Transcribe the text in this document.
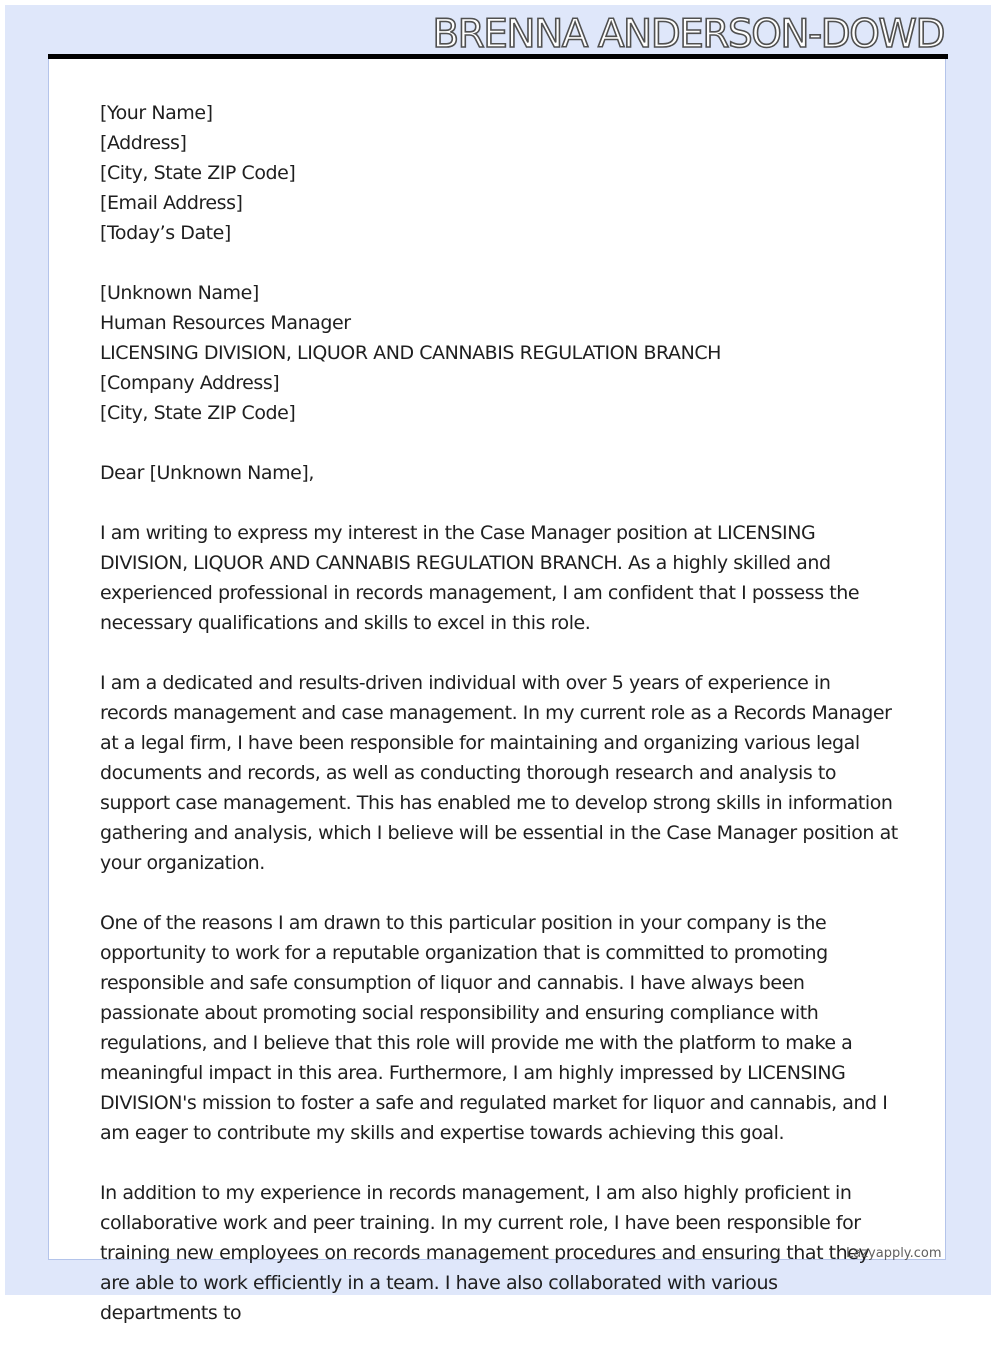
BRENNA ANDERSON-DOWD
[Your Name]
[Address]
[City, State ZIP Code]
[Email Address]
[Today’s Date]
[Unknown Name]
Human Resources Manager
LICENSING DIVISION, LIQUOR AND CANNABIS REGULATION BRANCH
[Company Address]
[City, State ZIP Code]

Dear [Unknown Name],

I am writing to express my interest in the Case Manager position at LICENSING DIVISION, LIQUOR AND CANNABIS REGULATION BRANCH. As a highly skilled and experienced professional in records management, I am confident that I possess the necessary qualifications and skills to excel in this role.

I am a dedicated and results-driven individual with over 5 years of experience in records management and case management. In my current role as a Records Manager at a legal firm, I have been responsible for maintaining and organizing various legal documents and records, as well as conducting thorough research and analysis to support case management. This has enabled me to develop strong skills in information gathering and analysis, which I believe will be essential in the Case Manager position at your organization.

One of the reasons I am drawn to this particular position in your company is the opportunity to work for a reputable organization that is committed to promoting responsible and safe consumption of liquor and cannabis. I have always been passionate about promoting social responsibility and ensuring compliance with regulations, and I believe that this role will provide me with the platform to make a meaningful impact in this area. Furthermore, I am highly impressed by LICENSING DIVISION's mission to foster a safe and regulated market for liquor and cannabis, and I am eager to contribute my skills and expertise towards achieving this goal.

In addition to my experience in records management, I am also highly proficient in collaborative work and peer training. In my current role, I have been responsible for training new employees on records management procedures and ensuring that they are able to work efficiently in a team. I have also collaborated with various departments to

Lazyapply.com
